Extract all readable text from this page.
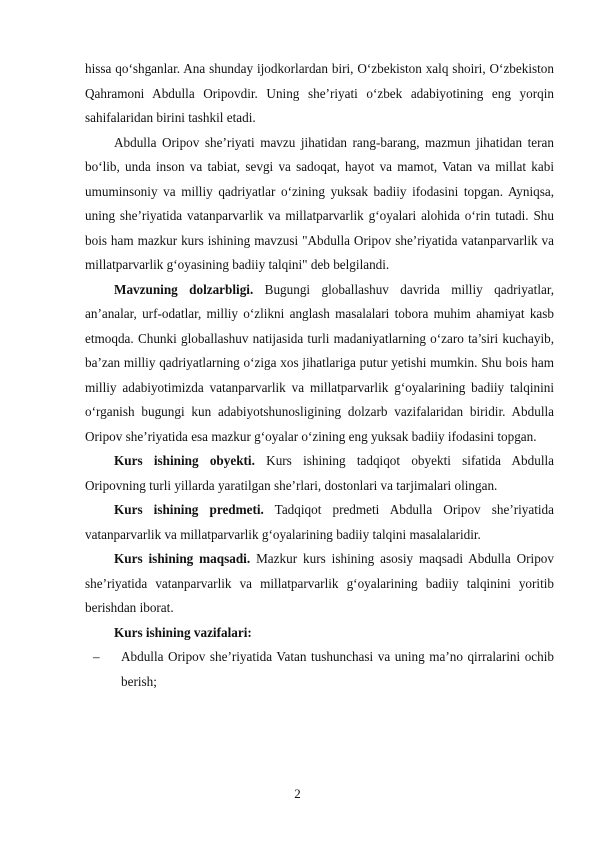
hissa qo‘shganlar. Ana shunday ijodkorlardan biri, O‘zbekiston xalq shoiri, O‘zbekiston Qahramoni Abdulla Oripovdir. Uning she’riyati o‘zbek adabiyotining eng yorqin sahifalaridan birini tashkil etadi.

Abdulla Oripov she’riyati mavzu jihatidan rang-barang, mazmun jihatidan teran bo‘lib, unda inson va tabiat, sevgi va sadoqat, hayot va mamot, Vatan va millat kabi umuminsoniy va milliy qadriyatlar o‘zining yuksak badiiy ifodasini topgan. Ayniqsa, uning she’riyatida vatanparvarlik va millatparvarlik g‘oyalari alohida o‘rin tutadi. Shu bois ham mazkur kurs ishining mavzusi "Abdulla Oripov she’riyatida vatanparvarlik va millatparvarlik g‘oyasining badiiy talqini" deb belgilandi.

Mavzuning dolzarbligi. Bugungi globallashuv davrida milliy qadriyatlar, an’analar, urf-odatlar, milliy o‘zlikni anglash masalalari tobora muhim ahamiyat kasb etmoqda. Chunki globallashuv natijasida turli madaniyatlarning o‘zaro ta’siri kuchayib, ba’zan milliy qadriyatlarning o‘ziga xos jihatlariga putur yetishi mumkin. Shu bois ham milliy adabiyotimizda vatanparvarlik va millatparvarlik g‘oyalarining badiiy talqinini o‘rganish bugungi kun adabiyotshunosligining dolzarb vazifalaridan biridir. Abdulla Oripov she’riyatida esa mazkur g‘oyalar o‘zining eng yuksak badiiy ifodasini topgan.

Kurs ishining obyekti. Kurs ishining tadqiqot obyekti sifatida Abdulla Oripovning turli yillarda yaratilgan she’rlari, dostonlari va tarjimalari olingan.

Kurs ishining predmeti. Tadqiqot predmeti Abdulla Oripov she’riyatida vatanparvarlik va millatparvarlik g‘oyalarining badiiy talqini masalalaridir.

Kurs ishining maqsadi. Mazkur kurs ishining asosiy maqsadi Abdulla Oripov she’riyatida vatanparvarlik va millatparvarlik g‘oyalarining badiiy talqinini yoritib berishdan iborat.

Kurs ishining vazifalari:

– Abdulla Oripov she’riyatida Vatan tushunchasi va uning ma’no qirralarini ochib berish;

2
